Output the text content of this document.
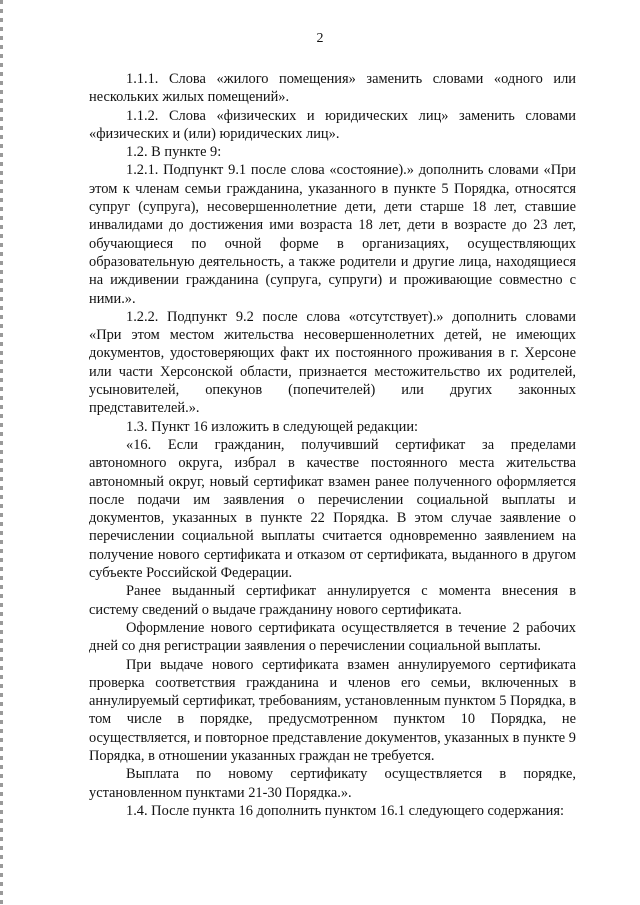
2

1.1.1. Слова «жилого помещения» заменить словами «одного или нескольких жилых помещений».

1.1.2. Слова «физических и юридических лиц» заменить словами «физических и (или) юридических лиц».

1.2. В пункте 9:

1.2.1. Подпункт 9.1 после слова «состояние).» дополнить словами «При этом к членам семьи гражданина, указанного в пункте 5 Порядка, относятся супруг (супруга), несовершеннолетние дети, дети старше 18 лет, ставшие инвалидами до достижения ими возраста 18 лет, дети в возрасте до 23 лет, обучающиеся по очной форме в организациях, осуществляющих образовательную деятельность, а также родители и другие лица, находящиеся на иждивении гражданина (супруга, супруги) и проживающие совместно с ними.».

1.2.2. Подпункт 9.2 после слова «отсутствует).» дополнить словами «При этом местом жительства несовершеннолетних детей, не имеющих документов, удостоверяющих факт их постоянного проживания в г. Херсоне или части Херсонской области, признается местожительство их родителей, усыновителей, опекунов (попечителей) или других законных представителей.».

1.3. Пункт 16 изложить в следующей редакции:

«16. Если гражданин, получивший сертификат за пределами автономного округа, избрал в качестве постоянного места жительства автономный округ, новый сертификат взамен ранее полученного оформляется после подачи им заявления о перечислении социальной выплаты и документов, указанных в пункте 22 Порядка. В этом случае заявление о перечислении социальной выплаты считается одновременно заявлением на получение нового сертификата и отказом от сертификата, выданного в другом субъекте Российской Федерации.

Ранее выданный сертификат аннулируется с момента внесения в систему сведений о выдаче гражданину нового сертификата.

Оформление нового сертификата осуществляется в течение 2 рабочих дней со дня регистрации заявления о перечислении социальной выплаты.

При выдаче нового сертификата взамен аннулируемого сертификата проверка соответствия гражданина и членов его семьи, включенных в аннулируемый сертификат, требованиям, установленным пунктом 5 Порядка, в том числе в порядке, предусмотренном пунктом 10 Порядка, не осуществляется, и повторное представление документов, указанных в пункте 9 Порядка, в отношении указанных граждан не требуется.

Выплата по новому сертификату осуществляется в порядке, установленном пунктами 21-30 Порядка.».

1.4. После пункта 16 дополнить пунктом 16.1 следующего содержания:
